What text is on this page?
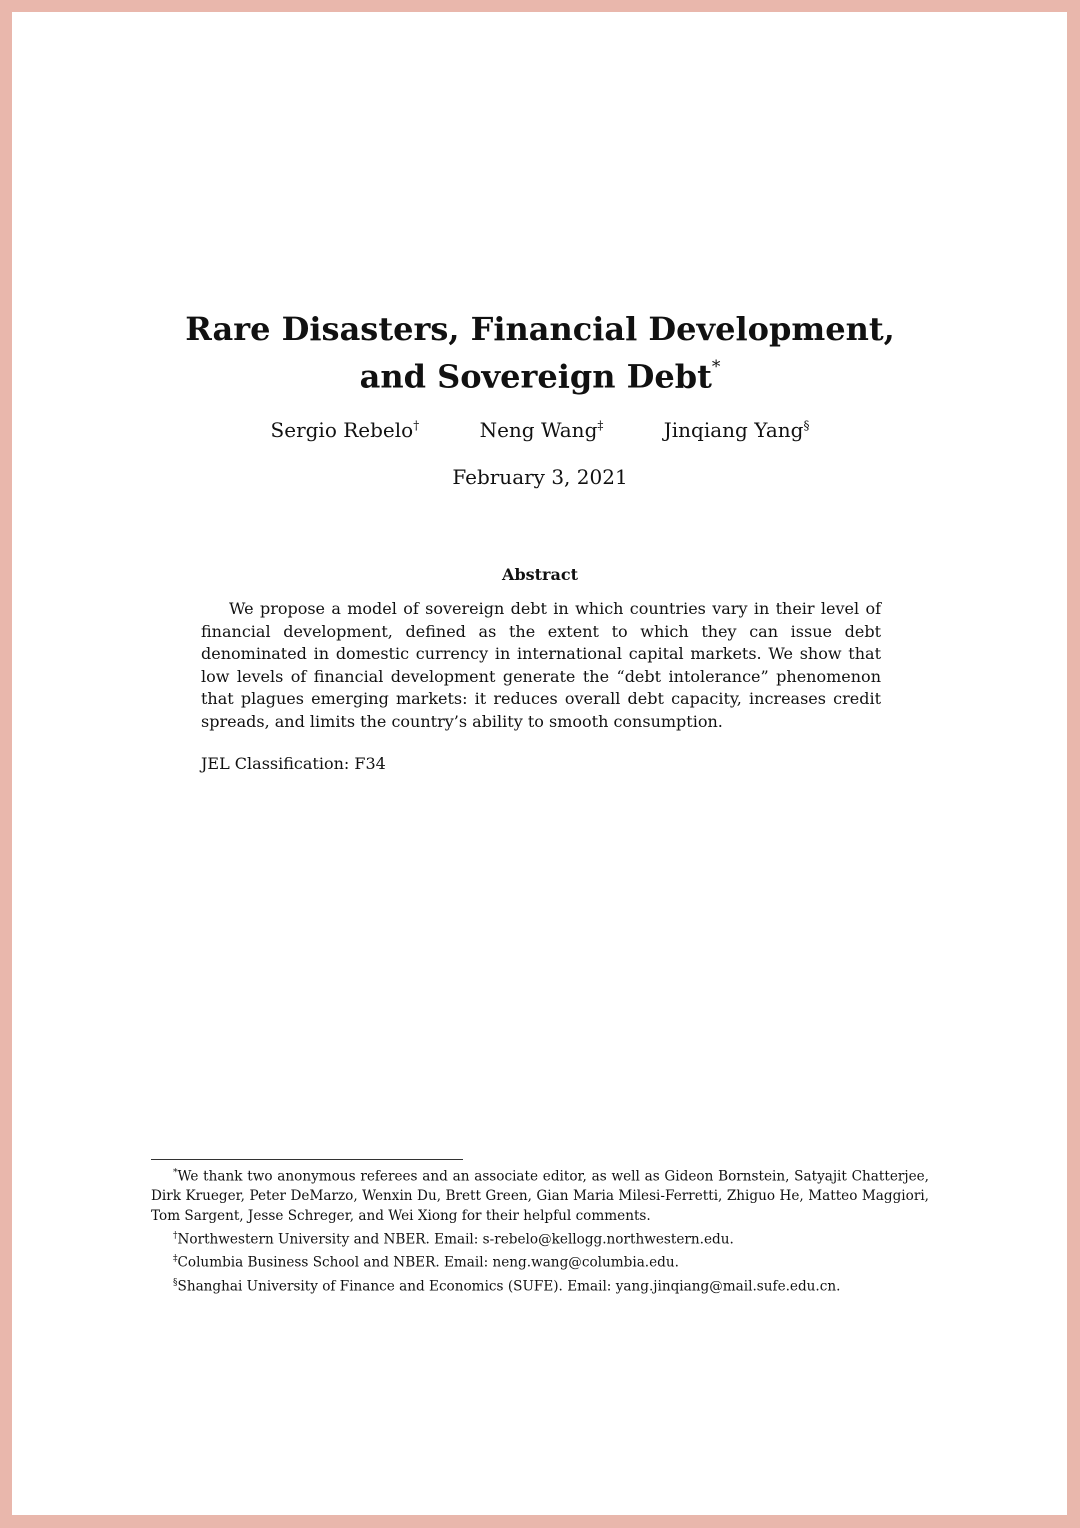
Rare Disasters, Financial Development,
and Sovereign Debt*

Sergio Rebelo†	Neng Wang‡	Jinqiang Yang§

February 3, 2021

Abstract

We propose a model of sovereign debt in which countries vary in their level of financial development, defined as the extent to which they can issue debt denominated in domestic currency in international capital markets. We show that low levels of financial development generate the “debt intolerance” phenomenon that plagues emerging markets: it reduces overall debt capacity, increases credit spreads, and limits the country’s ability to smooth consumption.

JEL Classification: F34

*We thank two anonymous referees and an associate editor, as well as Gideon Bornstein, Satyajit Chatterjee, Dirk Krueger, Peter DeMarzo, Wenxin Du, Brett Green, Gian Maria Milesi-Ferretti, Zhiguo He, Matteo Maggiori, Tom Sargent, Jesse Schreger, and Wei Xiong for their helpful comments.

†Northwestern University and NBER. Email: s-rebelo@kellogg.northwestern.edu.

‡Columbia Business School and NBER. Email: neng.wang@columbia.edu.

§Shanghai University of Finance and Economics (SUFE). Email: yang.jinqiang@mail.sufe.edu.cn.
